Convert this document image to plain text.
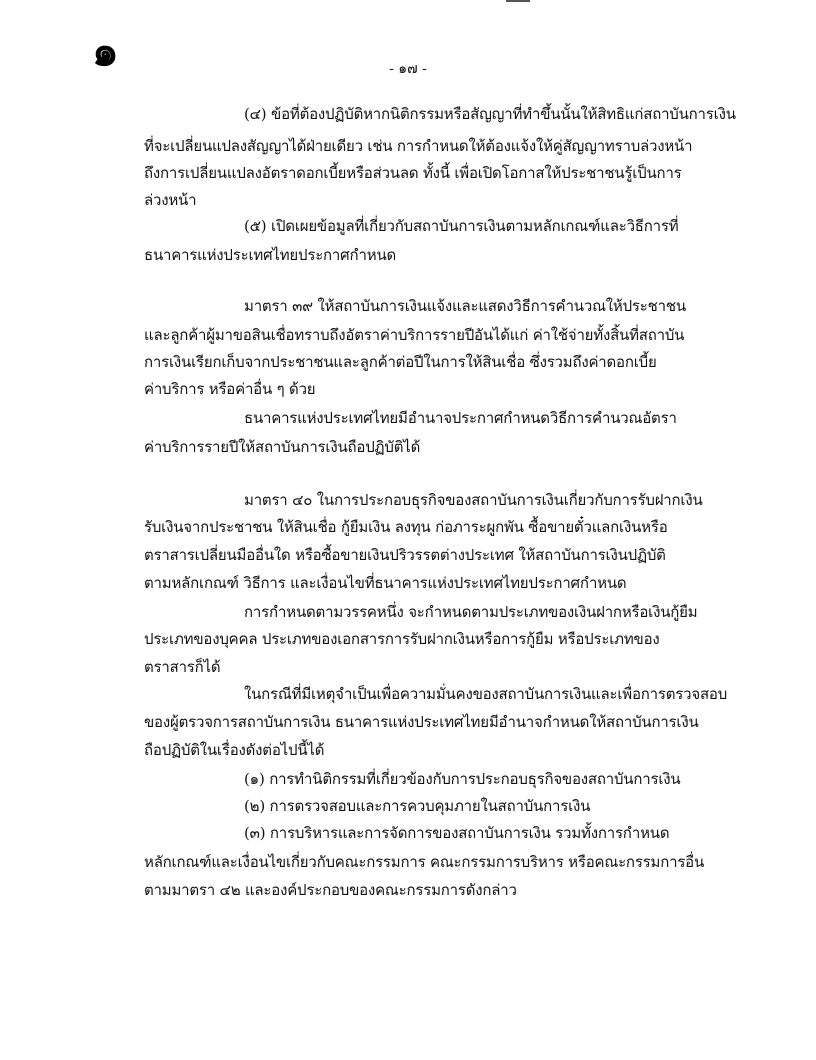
๑	- ๑๗ -
(๔) ข้อที่ต้องปฏิบัติหากนิติกรรมหรือสัญญาที่ทำขึ้นนั้นให้สิทธิแก่สถาบันการเงิน
ที่จะเปลี่ยนแปลงสัญญาได้ฝ่ายเดียว เช่น การกำหนดให้ต้องแจ้งให้คู่สัญญาทราบล่วงหน้า
ถึงการเปลี่ยนแปลงอัตราดอกเบี้ยหรือส่วนลด ทั้งนี้ เพื่อเปิดโอกาสให้ประชาชนรู้เป็นการ
ล่วงหน้า
(๕) เปิดเผยข้อมูลที่เกี่ยวกับสถาบันการเงินตามหลักเกณฑ์และวิธีการที่
ธนาคารแห่งประเทศไทยประกาศกำหนด
มาตรา ๓๙ ให้สถาบันการเงินแจ้งและแสดงวิธีการคำนวณให้ประชาชน
และลูกค้าผู้มาขอสินเชื่อทราบถึงอัตราค่าบริการรายปีอันได้แก่ ค่าใช้จ่ายทั้งสิ้นที่สถาบัน
การเงินเรียกเก็บจากประชาชนและลูกค้าต่อปีในการให้สินเชื่อ ซึ่งรวมถึงค่าดอกเบี้ย
ค่าบริการ หรือค่าอื่น ๆ ด้วย
ธนาคารแห่งประเทศไทยมีอำนาจประกาศกำหนดวิธีการคำนวณอัตรา
ค่าบริการรายปีให้สถาบันการเงินถือปฏิบัติได้
มาตรา ๔๐ ในการประกอบธุรกิจของสถาบันการเงินเกี่ยวกับการรับฝากเงิน
รับเงินจากประชาชน ให้สินเชื่อ กู้ยืมเงิน ลงทุน ก่อภาระผูกพัน ซื้อขายตั๋วแลกเงินหรือ
ตราสารเปลี่ยนมืออื่นใด หรือซื้อขายเงินปริวรรตต่างประเทศ ให้สถาบันการเงินปฏิบัติ
ตามหลักเกณฑ์ วิธีการ และเงื่อนไขที่ธนาคารแห่งประเทศไทยประกาศกำหนด
การกำหนดตามวรรคหนึ่ง จะกำหนดตามประเภทของเงินฝากหรือเงินกู้ยืม
ประเภทของบุคคล ประเภทของเอกสารการรับฝากเงินหรือการกู้ยืม หรือประเภทของ
ตราสารก็ได้
ในกรณีที่มีเหตุจำเป็นเพื่อความมั่นคงของสถาบันการเงินและเพื่อการตรวจสอบ
ของผู้ตรวจการสถาบันการเงิน ธนาคารแห่งประเทศไทยมีอำนาจกำหนดให้สถาบันการเงิน
ถือปฏิบัติในเรื่องดังต่อไปนี้ได้
(๑) การทำนิติกรรมที่เกี่ยวข้องกับการประกอบธุรกิจของสถาบันการเงิน
(๒) การตรวจสอบและการควบคุมภายในสถาบันการเงิน
(๓) การบริหารและการจัดการของสถาบันการเงิน รวมทั้งการกำหนด
หลักเกณฑ์และเงื่อนไขเกี่ยวกับคณะกรรมการ คณะกรรมการบริหาร หรือคณะกรรมการอื่น
ตามมาตรา ๔๒ และองค์ประกอบของคณะกรรมการดังกล่าว
